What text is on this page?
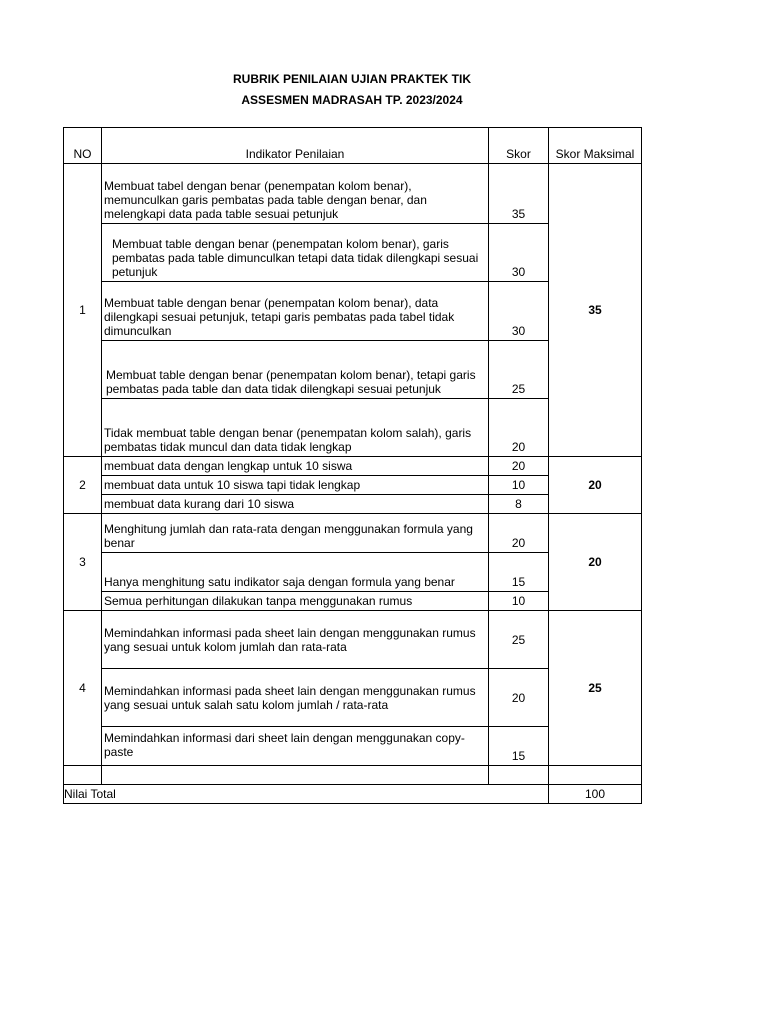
RUBRIK PENILAIAN UJIAN PRAKTEK TIK
ASSESMEN MADRASAH TP. 2023/2024
NO	Indikator Penilaian	Skor	Skor Maksimal
1	Membuat tabel dengan benar (penempatan kolom benar), memunculkan garis pembatas pada table dengan benar, dan melengkapi data pada table sesuai petunjuk	35	35
	Membuat table dengan benar (penempatan kolom benar), garis pembatas pada table dimunculkan tetapi data tidak dilengkapi sesuai petunjuk	30	
	Membuat table dengan benar (penempatan kolom benar), data dilengkapi sesuai petunjuk, tetapi garis pembatas pada tabel tidak dimunculkan	30	
	Membuat table dengan benar (penempatan kolom benar), tetapi garis pembatas pada table dan data tidak dilengkapi sesuai petunjuk	25	
	Tidak membuat table dengan benar (penempatan kolom salah), garis pembatas tidak muncul dan data tidak lengkap	20	
2	membuat data dengan lengkap untuk 10 siswa	20	20
	membuat data untuk 10 siswa tapi tidak lengkap	10	
	membuat data kurang dari 10 siswa	8	
3	Menghitung jumlah dan rata-rata dengan menggunakan formula yang benar	20	20
	Hanya menghitung satu indikator saja dengan formula yang benar	15	
	Semua perhitungan dilakukan tanpa menggunakan rumus	10	
4	Memindahkan informasi pada sheet lain dengan menggunakan rumus yang sesuai untuk kolom jumlah dan rata-rata	25	25
	Memindahkan informasi pada sheet lain dengan menggunakan rumus yang sesuai untuk salah satu kolom jumlah / rata-rata	20	
	Memindahkan informasi dari sheet lain dengan menggunakan copy-paste	15	

Nilai Total			100
